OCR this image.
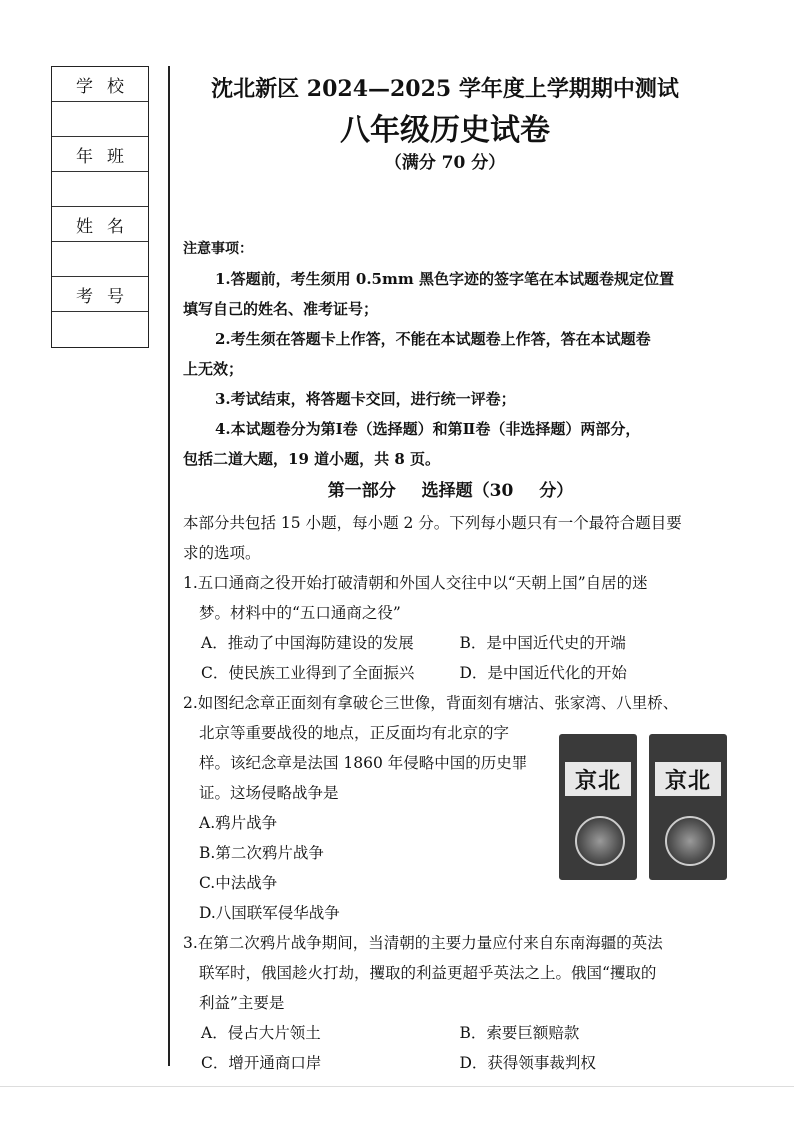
学校
年班
姓名
考号
沈北新区 2024—2025 学年度上学期期中测试
八年级历史试卷
（满分 70 分）
注意事项：
1.答题前，考生须用 0.5mm 黑色字迹的签字笔在本试题卷规定位置
填写自己的姓名、准考证号；
2.考生须在答题卡上作答，不能在本试题卷上作答，答在本试题卷
上无效；
3.考试结束，将答题卡交回，进行统一评卷；
4.本试题卷分为第Ⅰ卷（选择题）和第Ⅱ卷（非选择题）两部分，
包括二道大题，19 道小题，共 8 页。
第一部分 选择题（30 分）
本部分共包括 15 小题，每小题 2 分。下列每小题只有一个最符合题目要
求的选项。
1.五口通商之役开始打破清朝和外国人交往中以“天朝上国”自居的迷
梦。材料中的“五口通商之役”
A．推动了中国海防建设的发展	B．是中国近代史的开端
C．使民族工业得到了全面振兴	D．是中国近代化的开始
2.如图纪念章正面刻有拿破仑三世像，背面刻有塘沽、张家湾、八里桥、
北京等重要战役的地点，正反面均有北京的字
样。该纪念章是法国 1860 年侵略中国的历史罪
证。这场侵略战争是
A.鸦片战争
B.第二次鸦片战争
C.中法战争
D.八国联军侵华战争
3.在第二次鸦片战争期间，当清朝的主要力量应付来自东南海疆的英法
联军时，俄国趁火打劫，攫取的利益更超乎英法之上。俄国“攫取的
利益”主要是
A．侵占大片领土	B．索要巨额赔款
C．增开通商口岸	D．获得领事裁判权
京北	京北
